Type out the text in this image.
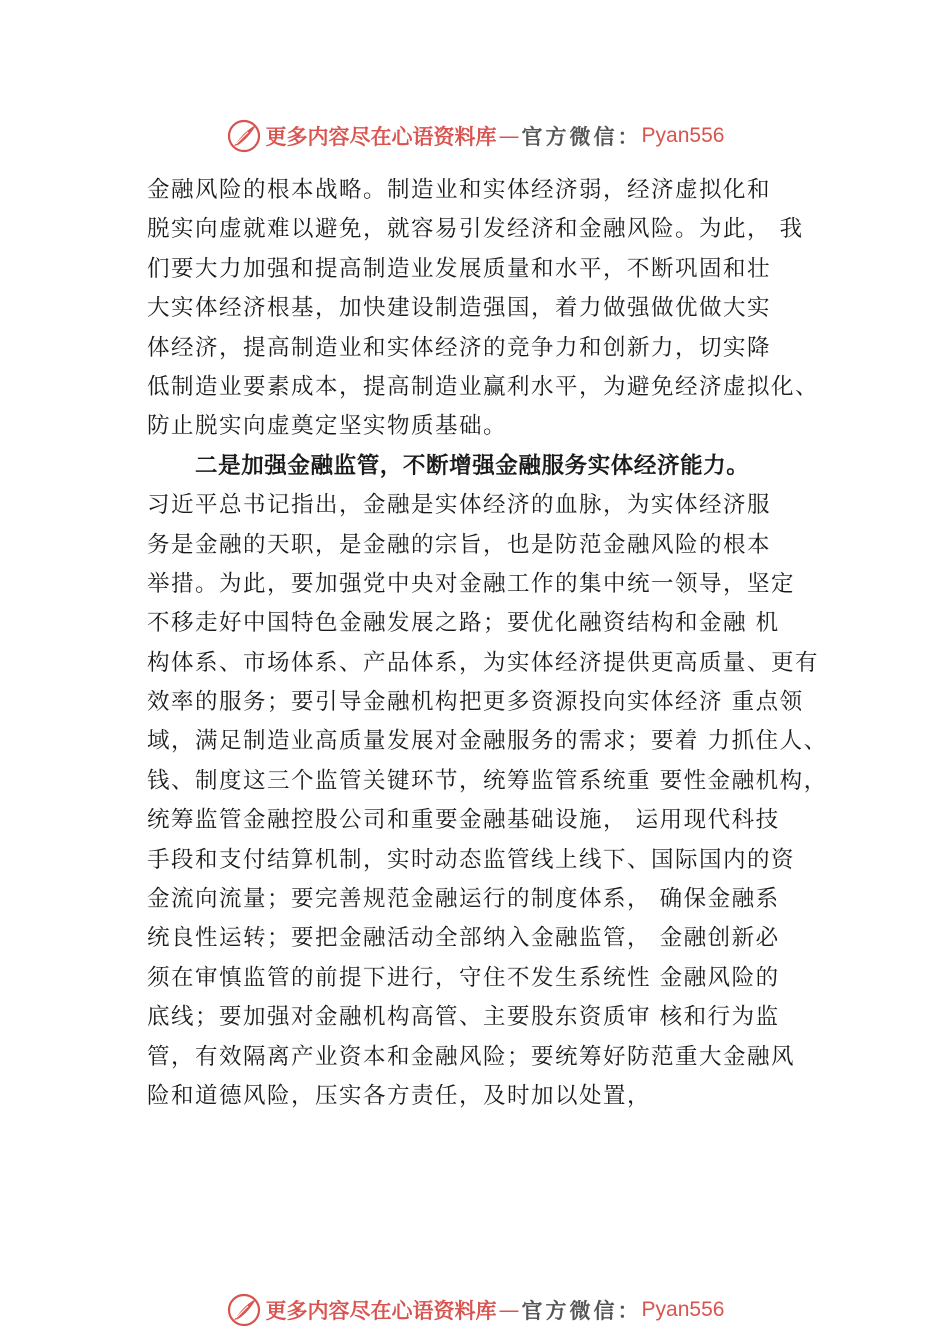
更多内容尽在心语资料库 — 官方微信： Pyan556
金融风险的根本战略。制造业和实体经济弱，经济虚拟化和
脱实向虚就难以避免，就容易引发经济和金融风险。为此， 我
们要大力加强和提高制造业发展质量和水平，不断巩固和壮
大实体经济根基，加快建设制造强国，着力做强做优做大实
体经济，提高制造业和实体经济的竞争力和创新力，切实降
低制造业要素成本，提高制造业赢利水平，为避免经济虚拟化、
防止脱实向虚奠定坚实物质基础。
二是加强金融监管，不断增强金融服务实体经济能力。
习近平总书记指出，金融是实体经济的血脉，为实体经济服
务是金融的天职，是金融的宗旨，也是防范金融风险的根本
举措。为此，要加强党中央对金融工作的集中统一领导，坚定
不移走好中国特色金融发展之路；要优化融资结构和金融 机
构体系、市场体系、产品体系，为实体经济提供更高质量、更有
效率的服务；要引导金融机构把更多资源投向实体经济 重点领
域，满足制造业高质量发展对金融服务的需求；要着 力抓住人、
钱、制度这三个监管关键环节，统筹监管系统重 要性金融机构，
统筹监管金融控股公司和重要金融基础设施， 运用现代科技
手段和支付结算机制，实时动态监管线上线下、国际国内的资
金流向流量；要完善规范金融运行的制度体系， 确保金融系
统良性运转；要把金融活动全部纳入金融监管， 金融创新必
须在审慎监管的前提下进行，守住不发生系统性 金融风险的
底线；要加强对金融机构高管、主要股东资质审 核和行为监
管，有效隔离产业资本和金融风险；要统筹好防范重大金融风
险和道德风险，压实各方责任，及时加以处置，
更多内容尽在心语资料库 — 官方微信： Pyan556
